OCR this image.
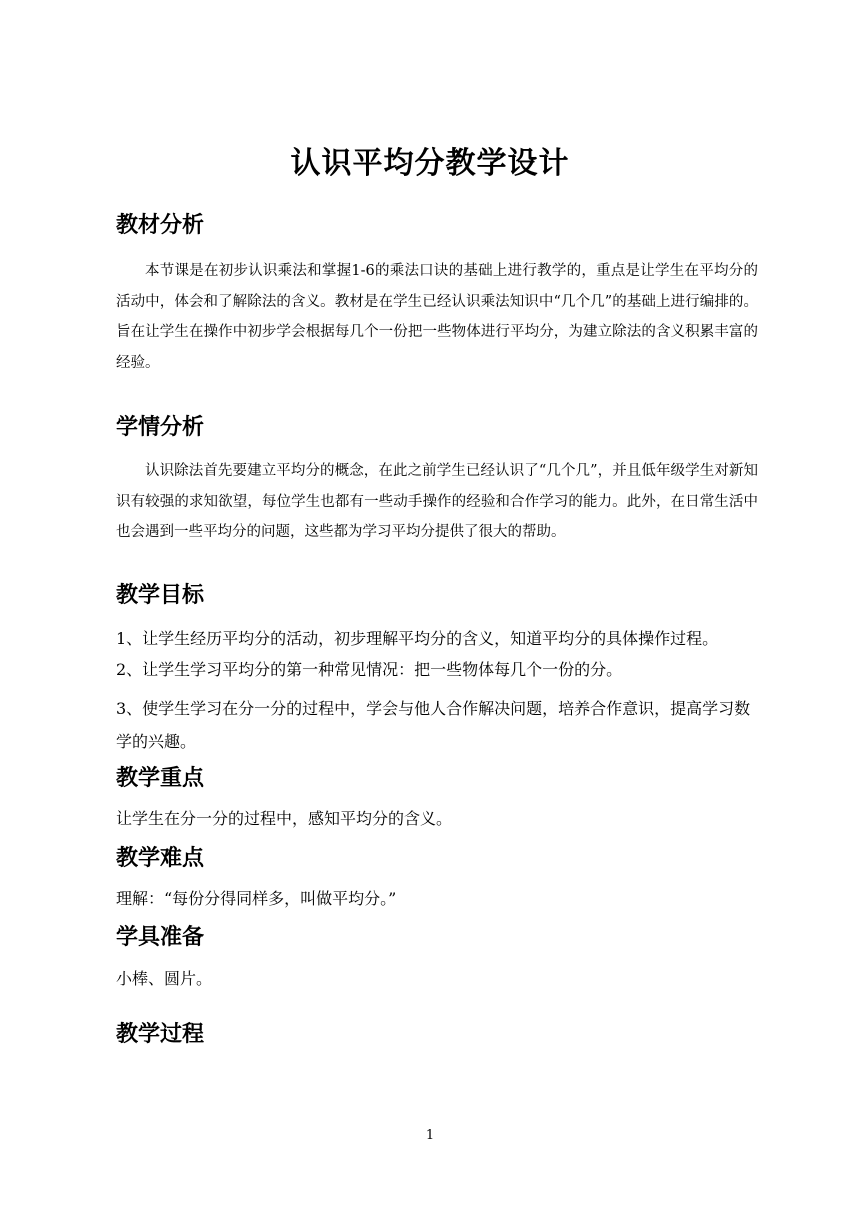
认识平均分教学设计
教材分析

本节课是在初步认识乘法和掌握1-6的乘法口诀的基础上进行教学的，重点是让学生在平均分的活动中，体会和了解除法的含义。教材是在学生已经认识乘法知识中“几个几”的基础上进行编排的。旨在让学生在操作中初步学会根据每几个一份把一些物体进行平均分，为建立除法的含义积累丰富的经验。

学情分析

认识除法首先要建立平均分的概念，在此之前学生已经认识了“几个几”，并且低年级学生对新知识有较强的求知欲望，每位学生也都有一些动手操作的经验和合作学习的能力。此外，在日常生活中也会遇到一些平均分的问题，这些都为学习平均分提供了很大的帮助。

教学目标

1、让学生经历平均分的活动，初步理解平均分的含义，知道平均分的具体操作过程。

2、让学生学习平均分的第一种常见情况：把一些物体每几个一份的分。

3、使学生学习在分一分的过程中，学会与他人合作解决问题，培养合作意识，提高学习数学的兴趣。

教学重点

让学生在分一分的过程中，感知平均分的含义。

教学难点

理解：“每份分得同样多，叫做平均分。”

学具准备

小棒、圆片。

教学过程
1
